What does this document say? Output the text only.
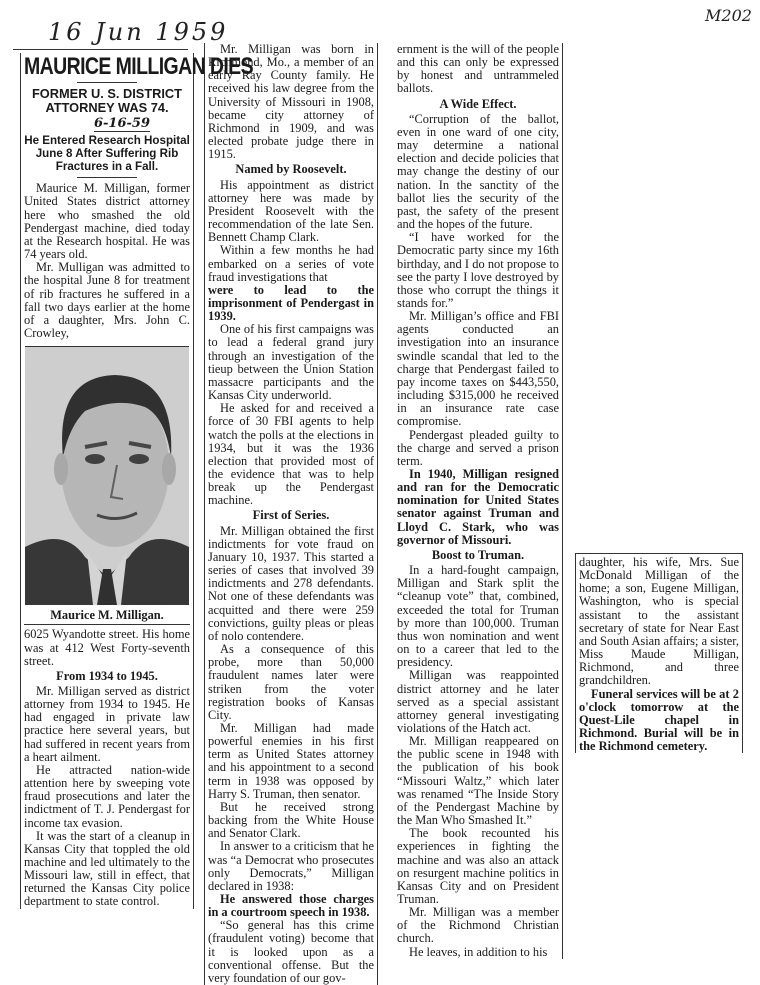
16 Jun 1959
M202
MAURICE MILLIGAN DIES
FORMER U. S. DISTRICT ATTORNEY WAS 74.
6-16-59
He Entered Research Hospital June 8 After Suffering Rib Fractures in a Fall.

Maurice M. Milligan, former United States district attorney here who smashed the old Pendergast machine, died today at the Research hospital. He was 74 years old.

Mr. Mulligan was admitted to the hospital June 8 for treatment of rib fractures he suffered in a fall two days earlier at the home of a daughter, Mrs. John C. Crowley,

Maurice M. Milligan.

6025 Wyandotte street. His home was at 412 West Forty-seventh street.

From 1934 to 1945.

Mr. Milligan served as district attorney from 1934 to 1945. He had engaged in private law practice here several years, but had suffered in recent years from a heart ailment.

He attracted nation-wide attention here by sweeping vote fraud prosecutions and later the indictment of T. J. Pendergast for income tax evasion.

It was the start of a cleanup in Kansas City that toppled the old machine and led ultimately to the Missouri law, still in effect, that returned the Kansas City police department to state control.

Mr. Milligan was born in Richmond, Mo., a member of an early Ray County family. He received his law degree from the University of Missouri in 1908, became city attorney of Richmond in 1909, and was elected probate judge there in 1915.

Named by Roosevelt.

His appointment as district attorney here was made by President Roosevelt with the recommendation of the late Sen. Bennett Champ Clark.

Within a few months he had embarked on a series of vote fraud investigations that

were to lead to the imprisonment of Pendergast in 1939.

One of his first campaigns was to lead a federal grand jury through an investigation of the tieup between the Union Station massacre participants and the Kansas City underworld.

He asked for and received a force of 30 FBI agents to help watch the polls at the elections in 1934, but it was the 1936 election that provided most of the evidence that was to help break up the Pendergast machine.

First of Series.

Mr. Milligan obtained the first indictments for vote fraud on January 10, 1937. This started a series of cases that involved 39 indictments and 278 defendants. Not one of these defendants was acquitted and there were 259 convictions, guilty pleas or pleas of nolo contendere.

As a consequence of this probe, more than 50,000 fraudulent names later were striken from the voter registration books of Kansas City.

Mr. Milligan had made powerful enemies in his first term as United States attorney and his appointment to a second term in 1938 was opposed by Harry S. Truman, then senator.

But he received strong backing from the White House and Senator Clark.

In answer to a criticism that he was “a Democrat who prosecutes only Democrats,” Milligan declared in 1938:

He answered those charges in a courtroom speech in 1938.

“So general has this crime (fraudulent voting) become that it is looked upon as a conventional offense. But the very foundation of our gov-

ernment is the will of the people and this can only be expressed by honest and untrammeled ballots.

A Wide Effect.

“Corruption of the ballot, even in one ward of one city, may determine a national election and decide policies that may change the destiny of our nation. In the sanctity of the ballot lies the security of the past, the safety of the present and the hopes of the future.

“I have worked for the Democratic party since my 16th birthday, and I do not propose to see the party I love destroyed by those who corrupt the things it stands for.”

Mr. Milligan’s office and FBI agents conducted an investigation into an insurance swindle scandal that led to the charge that Pendergast failed to pay income taxes on $443,550, including $315,000 he received in an insurance rate case compromise.

Pendergast pleaded guilty to the charge and served a prison term.

In 1940, Milligan resigned and ran for the Democratic nomination for United States senator against Truman and Lloyd C. Stark, who was governor of Missouri.

Boost to Truman.

In a hard-fought campaign, Milligan and Stark split the “cleanup vote” that, combined, exceeded the total for Truman by more than 100,000. Truman thus won nomination and went on to a career that led to the presidency.

Milligan was reappointed district attorney and he later served as a special assistant attorney general investigating violations of the Hatch act.

Mr. Milligan reappeared on the public scene in 1948 with the publication of his book “Missouri Waltz,” which later was renamed “The Inside Story of the Pendergast Machine by the Man Who Smashed It.”

The book recounted his experiences in fighting the machine and was also an attack on resurgent machine politics in Kansas City and on President Truman.

Mr. Milligan was a member of the Richmond Christian church.

He leaves, in addition to his

daughter, his wife, Mrs. Sue McDonald Milligan of the home; a son, Eugene Milligan, Washington, who is special assistant to the assistant secretary of state for Near East and South Asian affairs; a sister, Miss Maude Milligan, Richmond, and three grandchildren.

Funeral services will be at 2 o'clock tomorrow at the Quest-Lile chapel in Richmond. Burial will be in the Richmond cemetery.
